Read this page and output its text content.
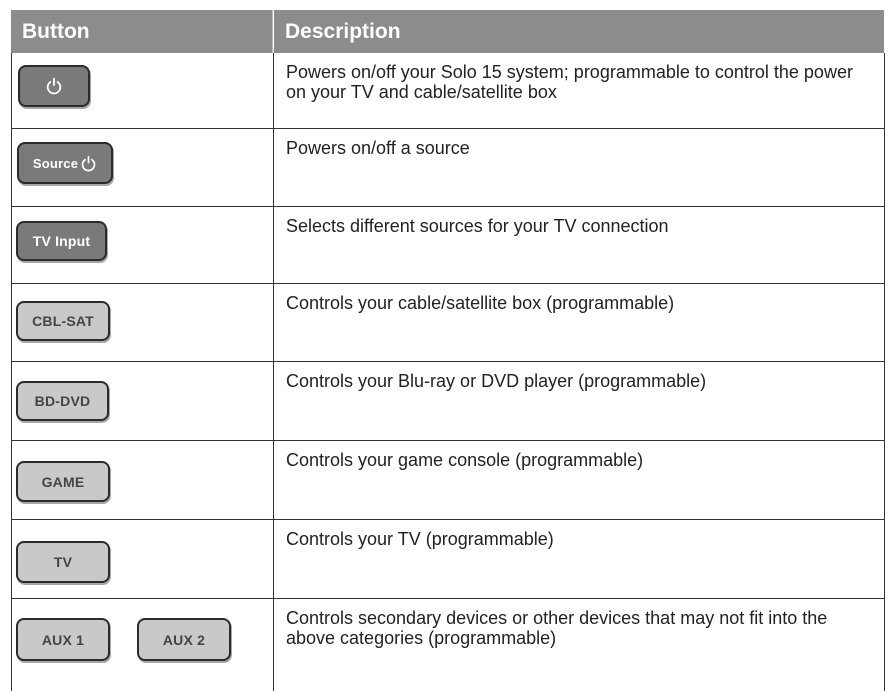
Button	Description
Powers on/off your Solo 15 system; programmable to control the power on your TV and cable/satellite box
Source
Powers on/off a source
TV Input
Selects different sources for your TV connection
CBL-SAT
Controls your cable/satellite box (programmable)
BD-DVD
Controls your Blu-ray or DVD player (programmable)
GAME
Controls your game console (programmable)
TV
Controls your TV (programmable)
AUX 1	AUX 2
Controls secondary devices or other devices that may not fit into the above categories (programmable)
